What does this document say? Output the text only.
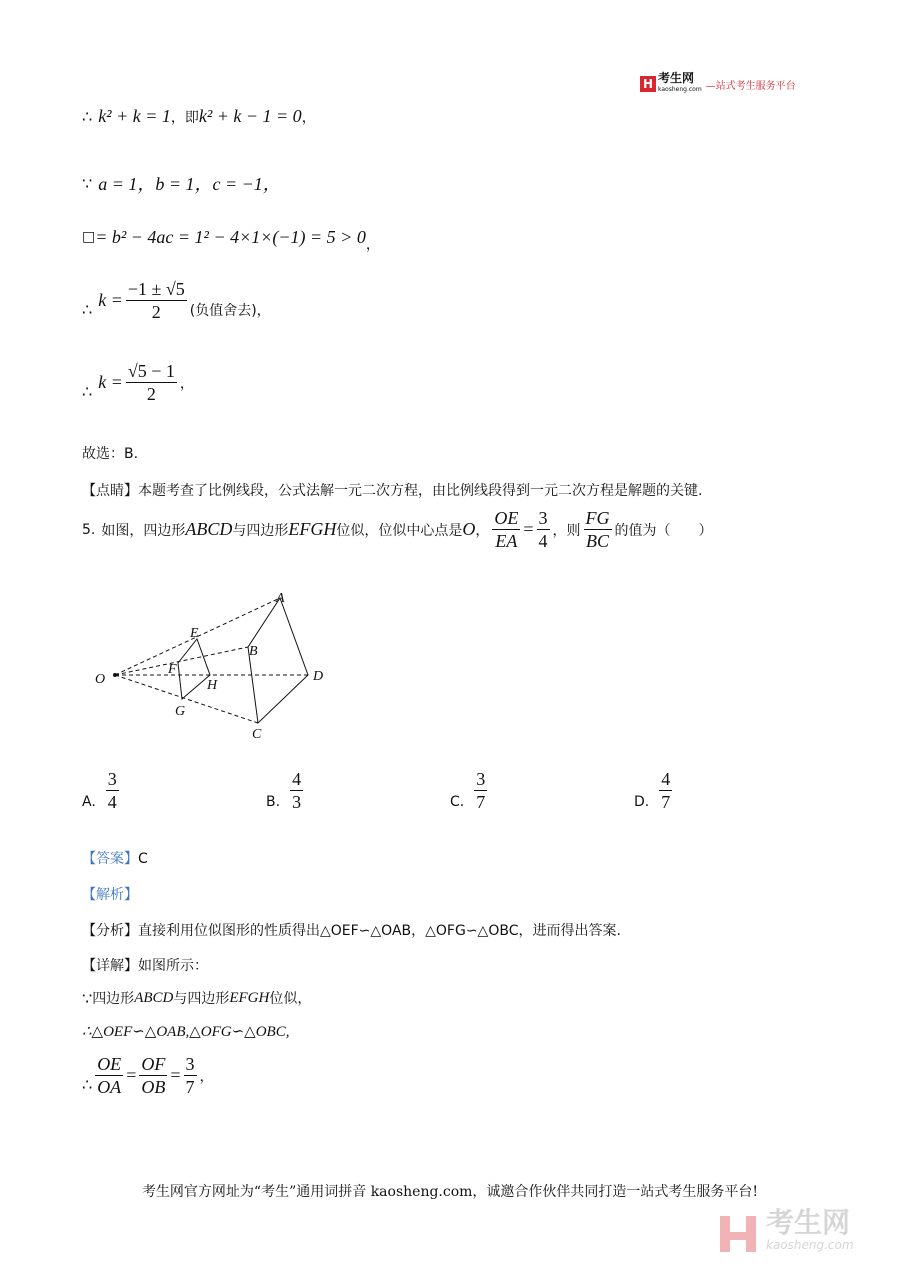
H 考生网
kaosheng.com —站式考生服务平台
∴ k² + k = 1 ，即 k² + k − 1 = 0 ，
∵ a = 1，b = 1，c = −1，
□ = b² − 4ac = 1² − 4×1×(−1) = 5 > 0 ，
∴ $k = \frac{-1 \pm √5}{2}$ (负值舍去)，
∴ $k = \frac{√5 - 1}{2}$ ，
故选：B.
【点睛】本题考查了比例线段，公式法解一元二次方程，由比例线段得到一元二次方程是解题的关键.
5. 如图，四边形 ABCD 与四边形 EFGH 位似，位似中心点是 O ， $\frac{OE}{EA} = \frac{3}{4}$ ，则 $\frac{FG}{BC}$ 的值为（　　）
A
B
C
D
E
F
G
H
O
A. $\frac{3}{4}$	B. $\frac{4}{3}$	C. $\frac{3}{7}$	D. $\frac{4}{7}$
【答案】C
【解析】
【分析】直接利用位似图形的性质得出△OEF∽△OAB，△OFG∽△OBC，进而得出答案.
【详解】如图所示：
∵ 四边形 ABCD 与四边形 EFGH 位似，
∴△OEF∽△OAB,△OFG∽△OBC,
∴ $\frac{OE}{OA} = \frac{OF}{OB} = \frac{3}{7}$ ，
考生网官方网址为“考生”通用词拼音 kaosheng.com，诚邀合作伙伴共同打造一站式考生服务平台!
考生网
kaosheng.com
